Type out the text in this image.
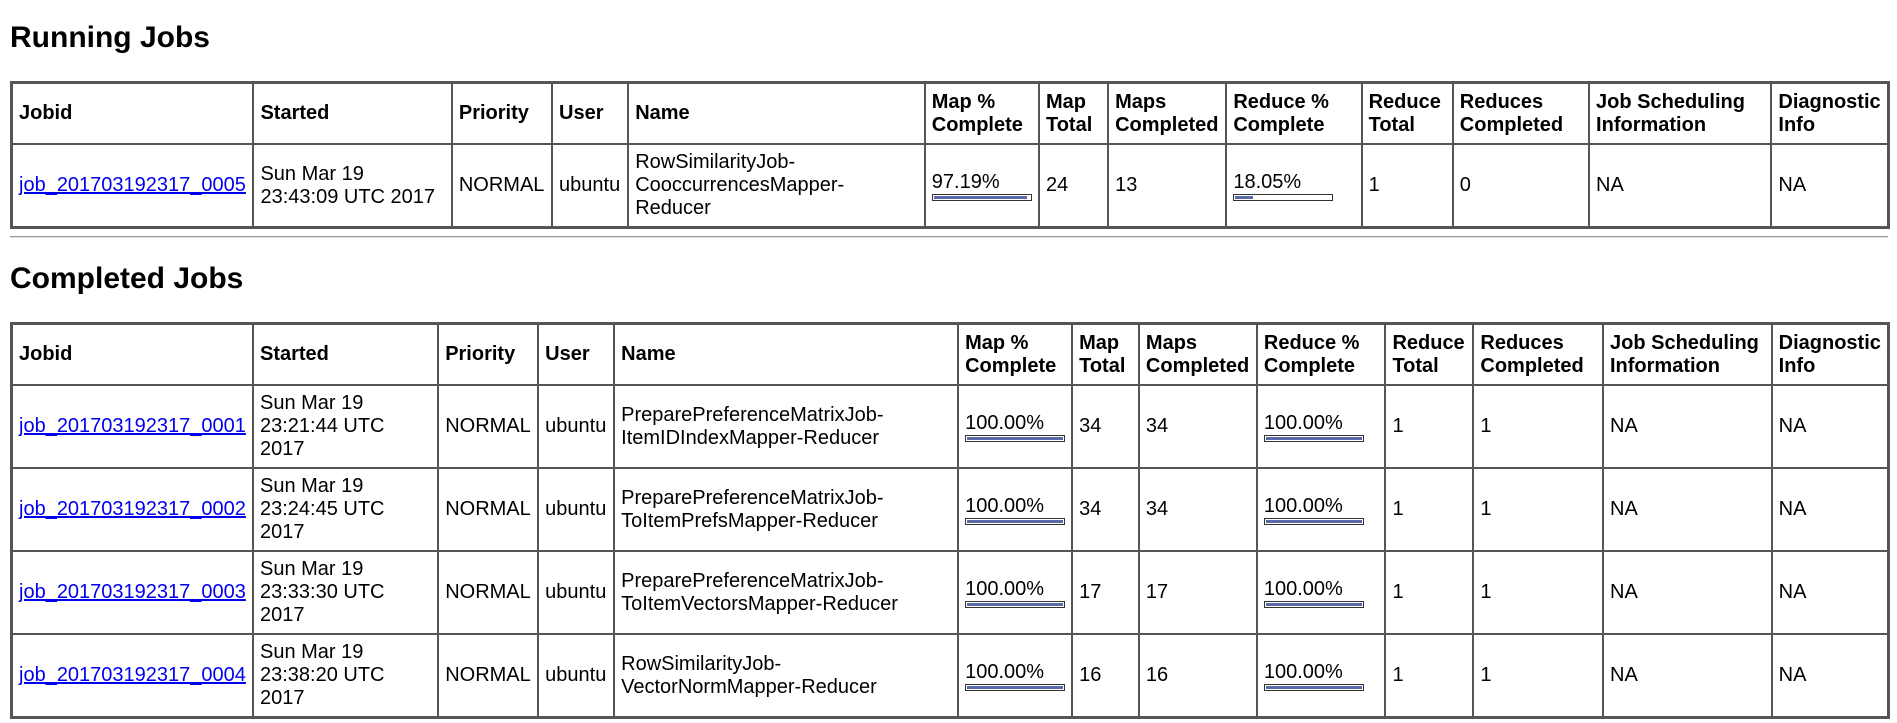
Running Jobs
Jobid	Started	Priority	User	Name	Map % Complete	Map Total	Maps Completed	Reduce % Complete	Reduce Total	Reduces Completed	Job Scheduling Information	Diagnostic Info
job_201703192317_0005	Sun Mar 19 23:43:09 UTC 2017	NORMAL	ubuntu	RowSimilarityJob-CooccurrencesMapper-Reducer	97.19%	24	13	18.05%	1	0	NA	NA
Completed Jobs
Jobid	Started	Priority	User	Name	Map % Complete	Map Total	Maps Completed	Reduce % Complete	Reduce Total	Reduces Completed	Job Scheduling Information	Diagnostic Info
job_201703192317_0001	Sun Mar 19 23:21:44 UTC 2017	NORMAL	ubuntu	PreparePreferenceMatrixJob-ItemIDIndexMapper-Reducer	100.00%	34	34	100.00%	1	1	NA	NA
job_201703192317_0002	Sun Mar 19 23:24:45 UTC 2017	NORMAL	ubuntu	PreparePreferenceMatrixJob-ToItemPrefsMapper-Reducer	100.00%	34	34	100.00%	1	1	NA	NA
job_201703192317_0003	Sun Mar 19 23:33:30 UTC 2017	NORMAL	ubuntu	PreparePreferenceMatrixJob-ToItemVectorsMapper-Reducer	100.00%	17	17	100.00%	1	1	NA	NA
job_201703192317_0004	Sun Mar 19 23:38:20 UTC 2017	NORMAL	ubuntu	RowSimilarityJob-VectorNormMapper-Reducer	100.00%	16	16	100.00%	1	1	NA	NA
